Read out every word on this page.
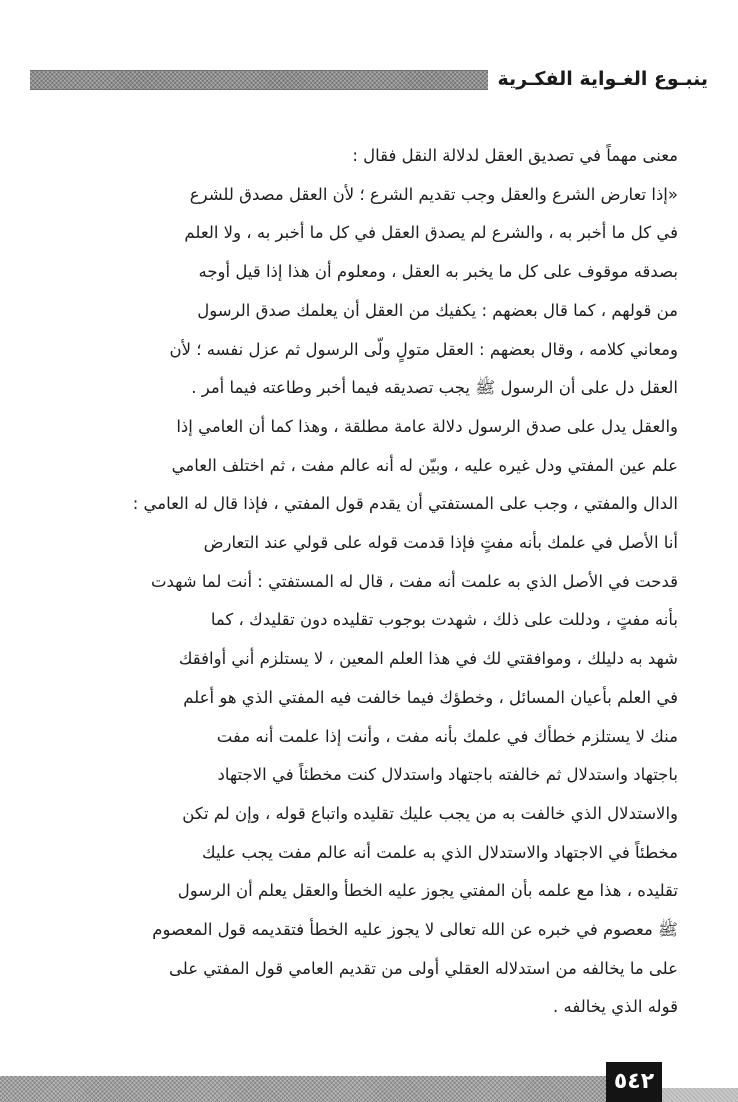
ينبـوع الغـواية الفكـرية

معنى مهماً في تصديق العقل لدلالة النقل فقال :

«إذا تعارض الشرع والعقل وجب تقديم الشرع ؛ لأن العقل مصدق للشرع

في كل ما أخبر به ، والشرع لم يصدق العقل في كل ما أخبر به ، ولا العلم

بصدقه موقوف على كل ما يخبر به العقل ، ومعلوم أن هذا إذا قيل أوجه

من قولهم ، كما قال بعضهم : يكفيك من العقل أن يعلمك صدق الرسول

ومعاني كلامه ، وقال بعضهم : العقل متولٍ ولّى الرسول ثم عزل نفسه ؛ لأن

العقل دل على أن الرسول ﷺ يجب تصديقه فيما أخبر وطاعته فيما أمر .

والعقل يدل على صدق الرسول دلالة عامة مطلقة ، وهذا كما أن العامي إذا

علم عين المفتي ودل غيره عليه ، وبيّن له أنه عالم مفت ، ثم اختلف العامي

الدال والمفتي ، وجب على المستفتي أن يقدم قول المفتي ، فإذا قال له العامي :

أنا الأصل في علمك بأنه مفتٍ فإذا قدمت قوله على قولي عند التعارض

قدحت في الأصل الذي به علمت أنه مفت ، قال له المستفتي : أنت لما شهدت

بأنه مفتٍ ، ودللت على ذلك ، شهدت بوجوب تقليده دون تقليدك ، كما

شهد به دليلك ، وموافقتي لك في هذا العلم المعين ، لا يستلزم أني أوافقك

في العلم بأعيان المسائل ، وخطؤك فيما خالفت فيه المفتي الذي هو أعلم

منك لا يستلزم خطأك في علمك بأنه مفت ، وأنت إذا علمت أنه مفت

باجتهاد واستدلال ثم خالفته باجتهاد واستدلال كنت مخطئاً في الاجتهاد

والاستدلال الذي خالفت به من يجب عليك تقليده واتباع قوله ، وإن لم تكن

مخطئاً في الاجتهاد والاستدلال الذي به علمت أنه عالم مفت يجب عليك

تقليده ، هذا مع علمه بأن المفتي يجوز عليه الخطأ والعقل يعلم أن الرسول

ﷺ معصوم في خبره عن الله تعالى لا يجوز عليه الخطأ فتقديمه قول المعصوم

على ما يخالفه من استدلاله العقلي أولى من تقديم العامي قول المفتي على

قوله الذي يخالفه .

٥٤٢
